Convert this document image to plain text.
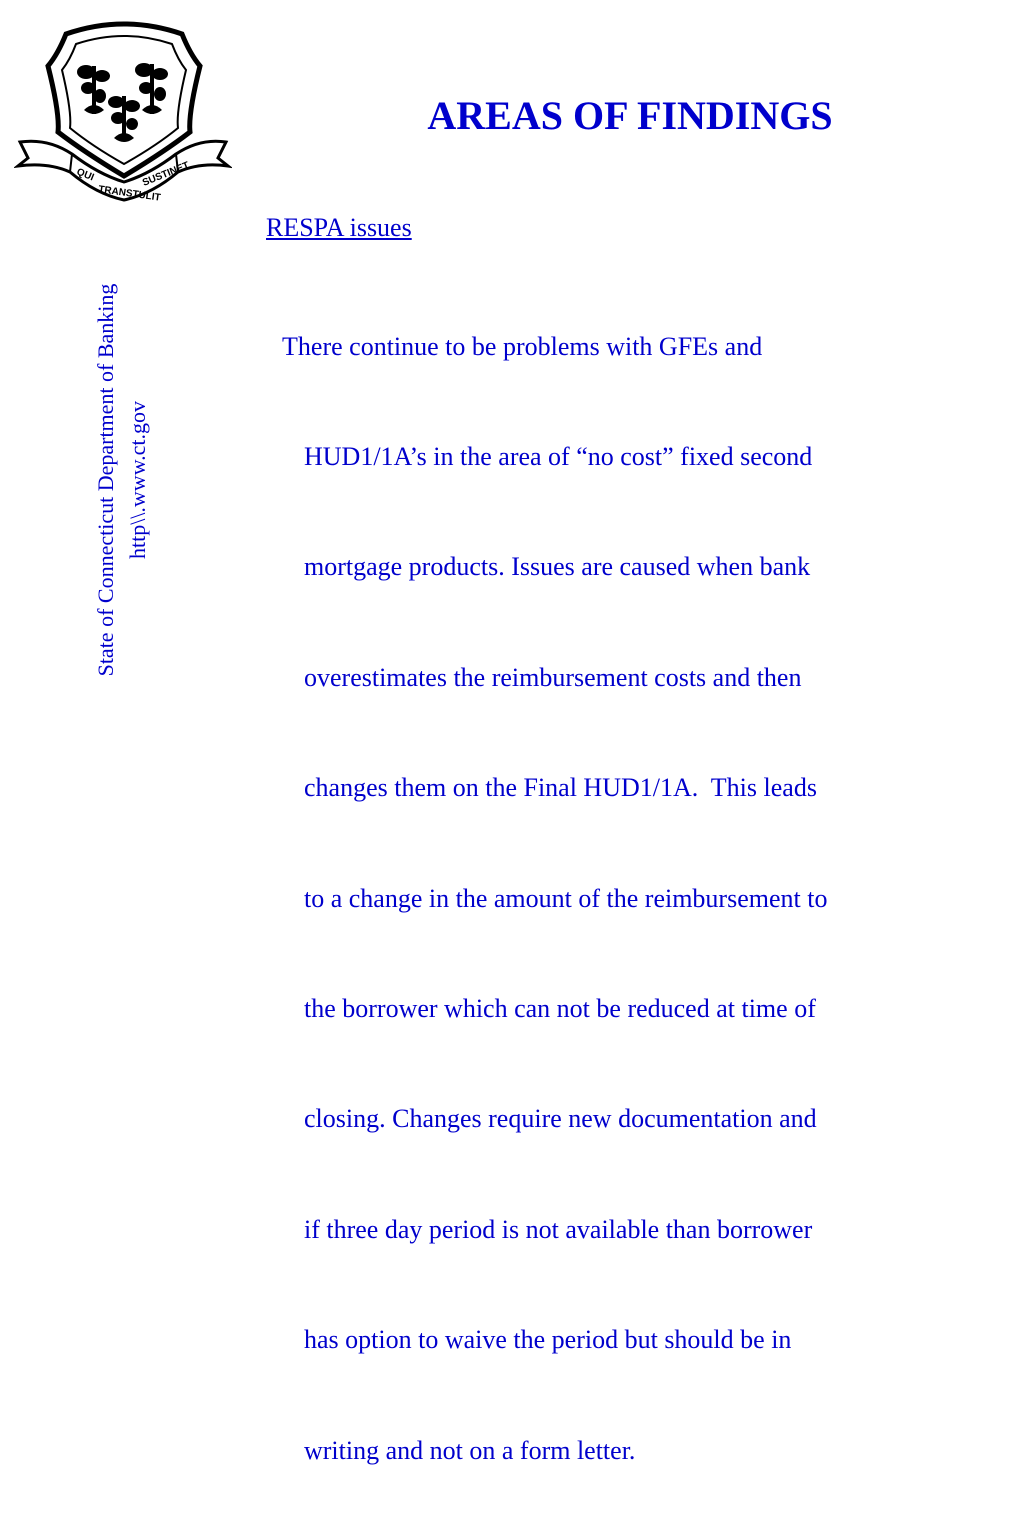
QUI
TRANSTULIT
SUSTINET
AREAS OF FINDINGS
State of Connecticut Department of Banking http\\.www.ct.gov
RESPA issues

There continue to be problems with GFEs and

HUD1/1A’s in the area of “no cost” fixed second

mortgage products. Issues are caused when bank

overestimates the reimbursement costs and then

changes them on the Final HUD1/1A.  This leads

to a change in the amount of the reimbursement to

the borrower which can not be reduced at time of

closing. Changes require new documentation and

if three day period is not available than borrower

has option to waive the period but should be in

writing and not on a form letter.
